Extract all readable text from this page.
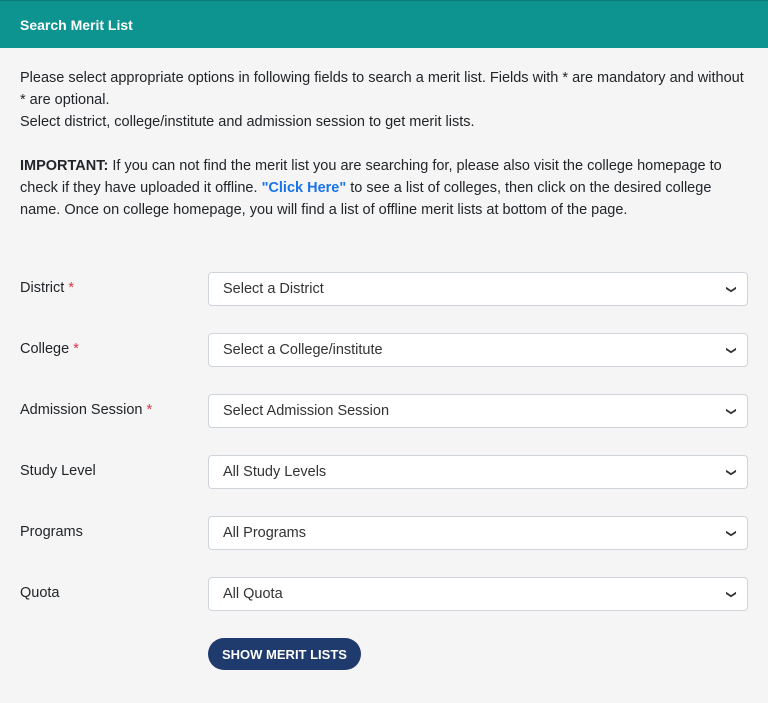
Search Merit List

Please select appropriate options in following fields to search a merit list. Fields with * are mandatory and without * are optional.

Select district, college/institute and admission session to get merit lists.

IMPORTANT: If you can not find the merit list you are searching for, please also visit the college homepage to check if they have uploaded it offline. "Click Here" to see a list of colleges, then click on the desired college name. Once on college homepage, you will find a list of offline merit lists at bottom of the page.
District *	Select a District	❯
College *	Select a College/institute	❯
Admission Session *	Select Admission Session	❯
Study Level	All Study Levels	❯
Programs	All Programs	❯
Quota	All Quota	❯
SHOW MERIT LISTS
